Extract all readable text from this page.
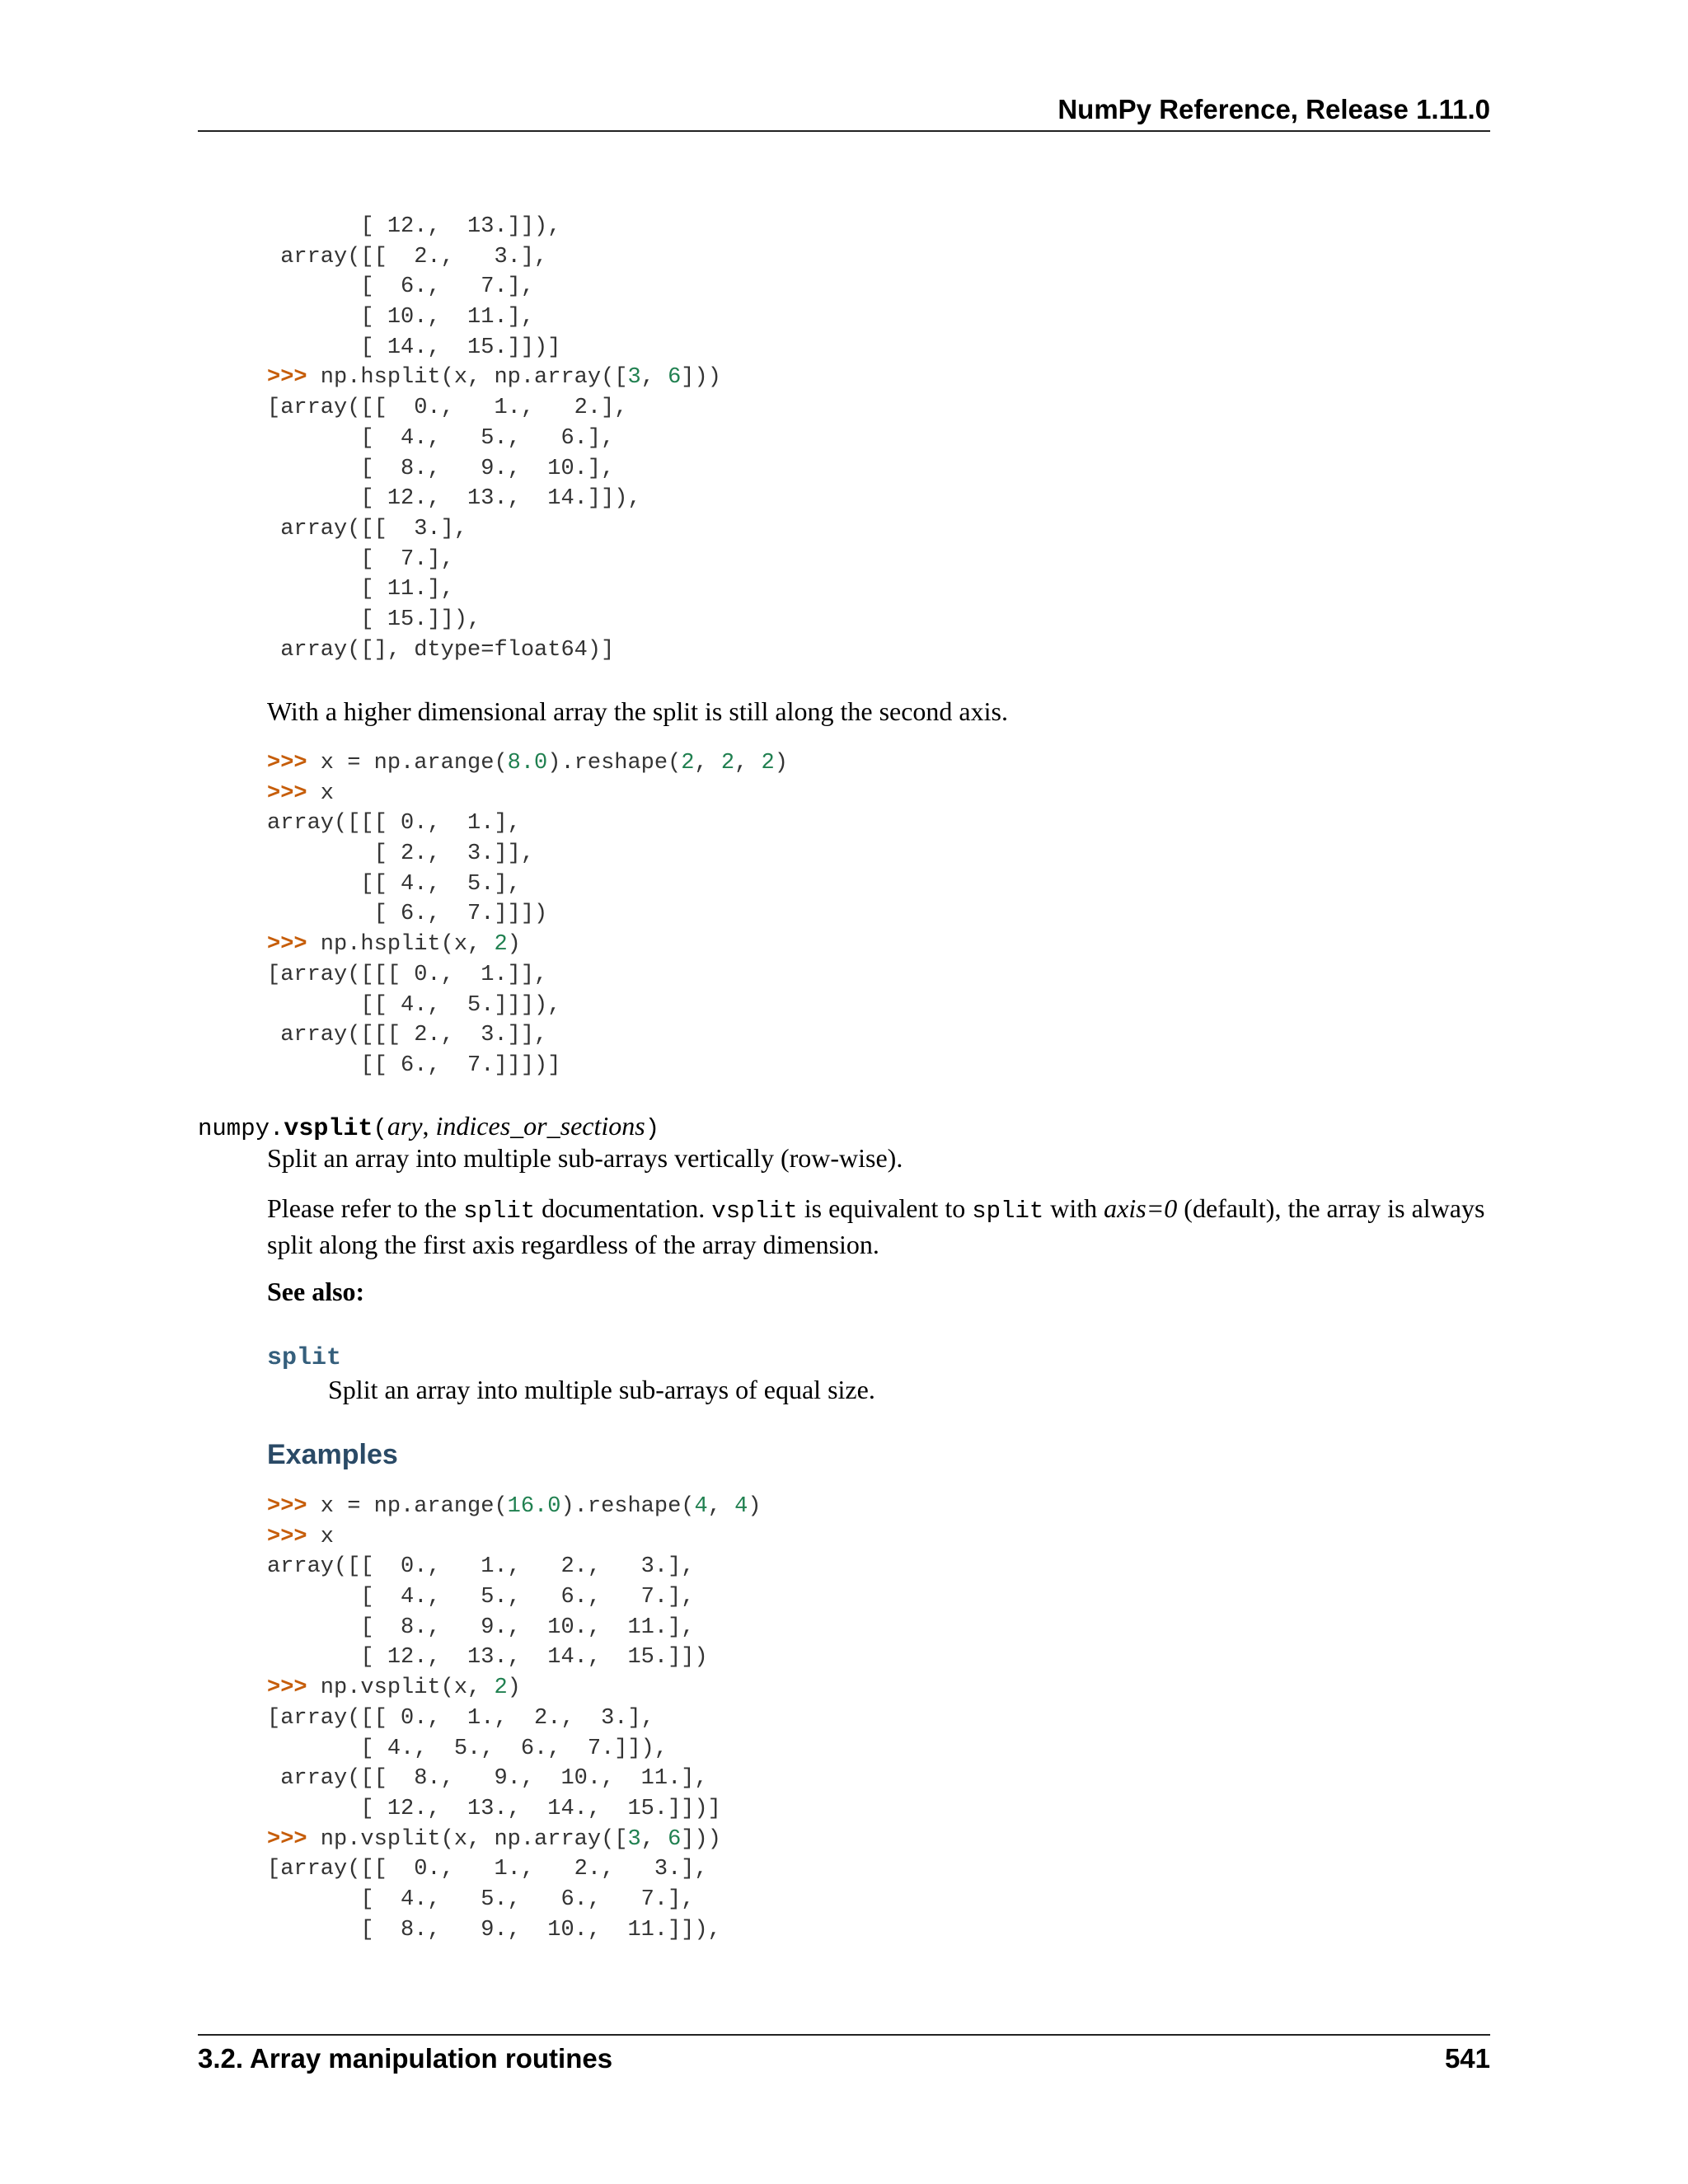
NumPy Reference, Release 1.11.0
[ 12.,  13.]]),
array([[  2.,   3.],
[  6.,   7.],
[ 10.,  11.],
[ 14.,  15.]])]
>>> np.hsplit(x, np.array([3, 6]))
[array([[  0.,   1.,   2.],
[  4.,   5.,   6.],
[  8.,   9.,  10.],
[ 12.,  13.,  14.]]),
array([[  3.],
[  7.],
[ 11.],
[ 15.]]),
array([], dtype=float64)]
With a higher dimensional array the split is still along the second axis.
>>> x = np.arange(8.0).reshape(2, 2, 2)
>>> x
array([[[ 0.,  1.],
[ 2.,  3.]],
[[ 4.,  5.],
[ 6.,  7.]]])
>>> np.hsplit(x, 2)
[array([[[ 0.,  1.]],
[[ 4.,  5.]]]),
array([[[ 2.,  3.]],
[[ 6.,  7.]]])]
numpy.vsplit(ary, indices_or_sections)
Split an array into multiple sub-arrays vertically (row-wise).
Please refer to the split documentation. vsplit is equivalent to split with axis=0 (default), the array is always split along the first axis regardless of the array dimension.
See also:
split
Split an array into multiple sub-arrays of equal size.
Examples
>>> x = np.arange(16.0).reshape(4, 4)
>>> x
array([[  0.,   1.,   2.,   3.],
[  4.,   5.,   6.,   7.],
[  8.,   9.,  10.,  11.],
[ 12.,  13.,  14.,  15.]])
>>> np.vsplit(x, 2)
[array([[ 0.,  1.,  2.,  3.],
[ 4.,  5.,  6.,  7.]]),
array([[  8.,   9.,  10.,  11.],
[ 12.,  13.,  14.,  15.]])]
>>> np.vsplit(x, np.array([3, 6]))
[array([[  0.,   1.,   2.,   3.],
[  4.,   5.,   6.,   7.],
[  8.,   9.,  10.,  11.]]),
3.2. Array manipulation routines	541
